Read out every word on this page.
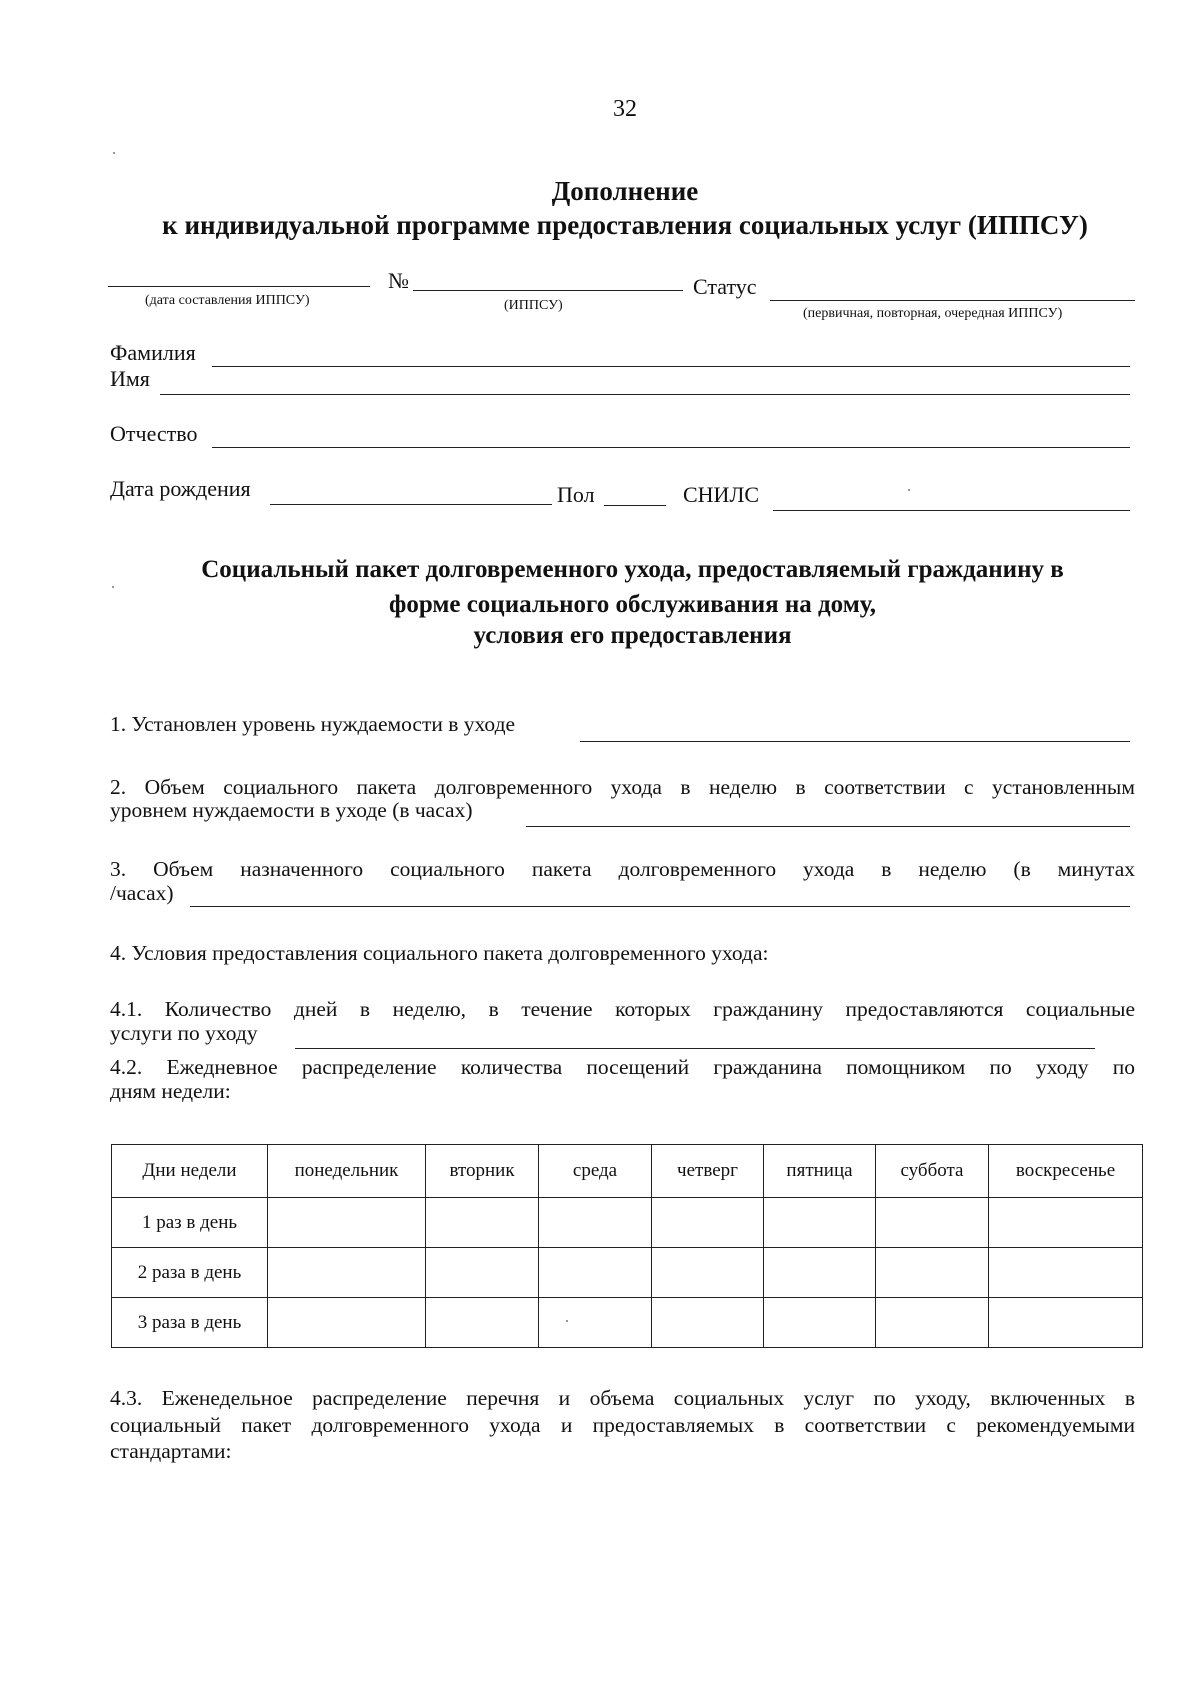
32
Дополнение
к индивидуальной программе предоставления социальных услуг (ИППСУ)
(дата составления ИППСУ)
№
(ИППСУ)
Статус
(первичная, повторная, очередная ИППСУ)
Фамилия
Имя
Отчество
Дата рождения	Пол	СНИЛС
Социальный пакет долговременного ухода, предоставляемый гражданину в
форме социального обслуживания на дому,
условия его предоставления
1. Установлен уровень нуждаемости в уходе
2. Объем социального пакета долговременного ухода в неделю в соответствии с установленным
уровнем нуждаемости в уходе (в часах)
3. Объем назначенного социального пакета долговременного ухода в неделю (в минутах
/часах)
4. Условия предоставления социального пакета долговременного ухода:
4.1. Количество дней в неделю, в течение которых гражданину предоставляются социальные
услуги по уходу
4.2. Ежедневное распределение количества посещений гражданина помощником по уходу по
дням недели:
Дни недели	понедельник	вторник	среда	четверг	пятница	суббота	воскресенье
1 раз в день							
2 раза в день							
3 раза в день							
4.3. Еженедельное распределение перечня и объема социальных услуг по уходу, включенных в
социальный пакет долговременного ухода и предоставляемых в соответствии с рекомендуемыми
стандартами:
